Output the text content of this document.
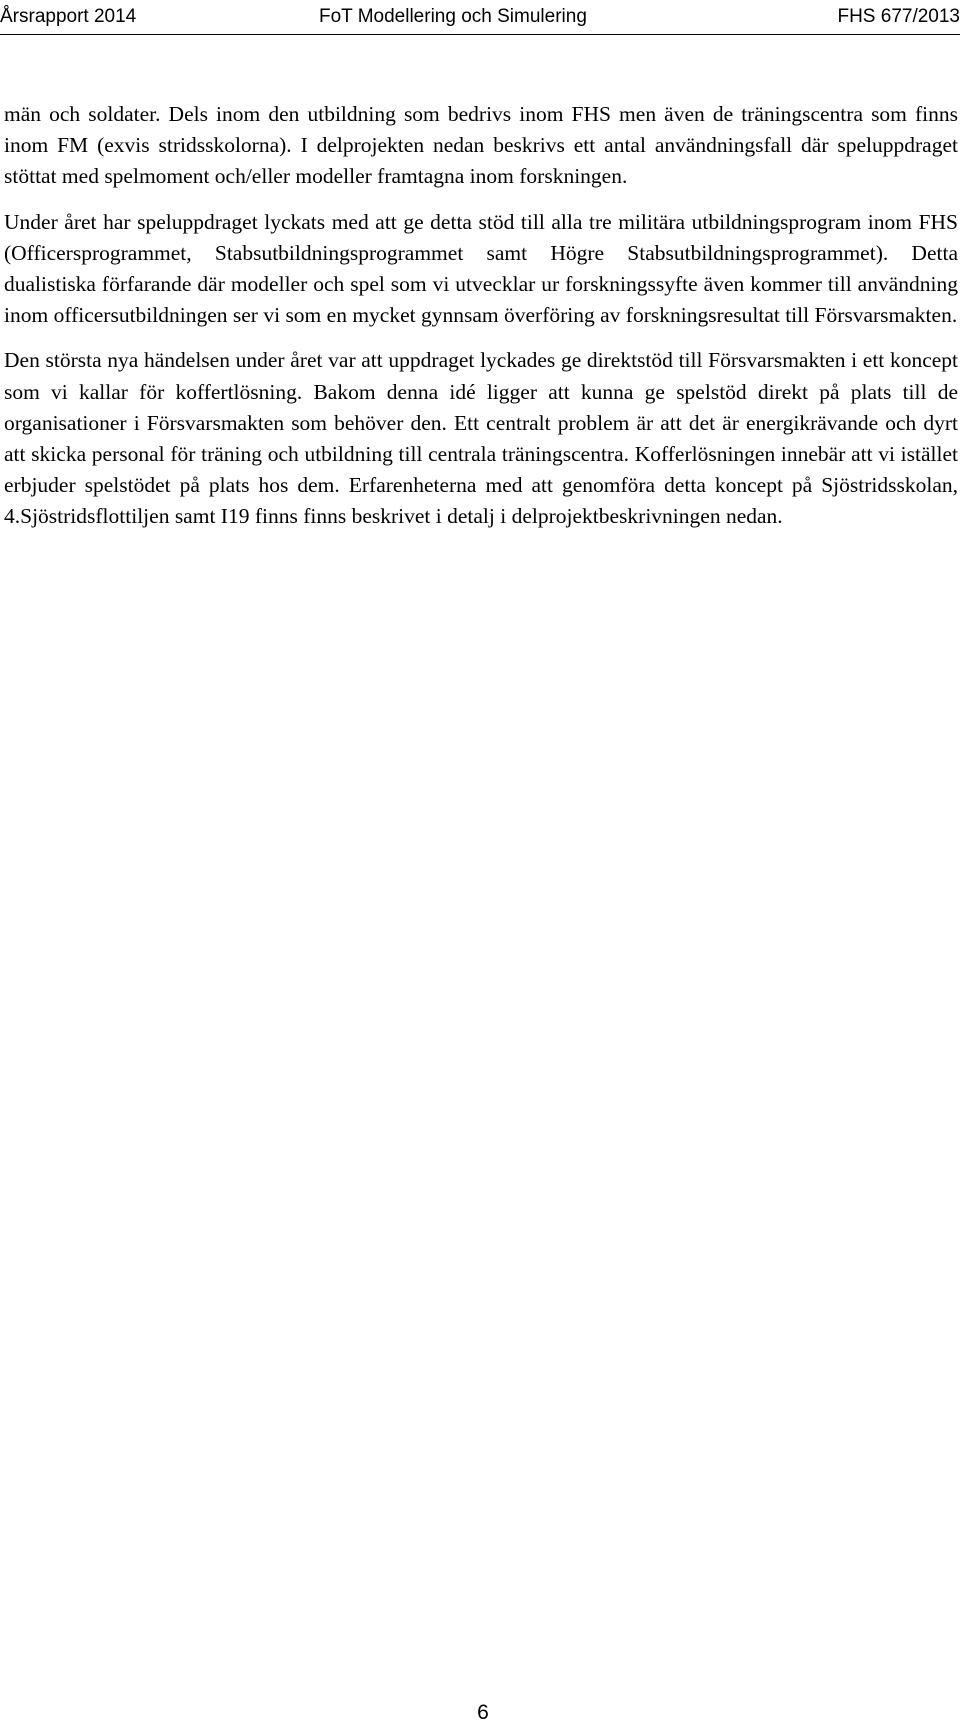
Årsrapport 2014	FoT Modellering och Simulering	FHS 677/2013

män och soldater. Dels inom den utbildning som bedrivs inom FHS men även de träningscentra som finns inom FM (exvis stridsskolorna). I delprojekten nedan beskrivs ett antal användningsfall där speluppdraget stöttat med spelmoment och/eller modeller framtagna inom forskningen.

Under året har speluppdraget lyckats med att ge detta stöd till alla tre militära utbildningsprogram inom FHS (Officersprogrammet, Stabsutbildningsprogrammet samt Högre Stabsutbildningsprogrammet). Detta dualistiska förfarande där modeller och spel som vi utvecklar ur forskningssyfte även kommer till användning inom officersutbildningen ser vi som en mycket gynnsam överföring av forskningsresultat till Försvarsmakten.

Den största nya händelsen under året var att uppdraget lyckades ge direktstöd till Försvarsmakten i ett koncept som vi kallar för koffertlösning. Bakom denna idé ligger att kunna ge spelstöd direkt på plats till de organisationer i Försvarsmakten som behöver den. Ett centralt problem är att det är energikrävande och dyrt att skicka personal för träning och utbildning till centrala träningscentra. Kofferlösningen innebär att vi istället erbjuder spelstödet på plats hos dem. Erfarenheterna med att genomföra detta koncept på Sjöstridsskolan, 4.Sjöstridsflottiljen samt I19 finns finns beskrivet i detalj i delprojektbeskrivningen nedan.

6
